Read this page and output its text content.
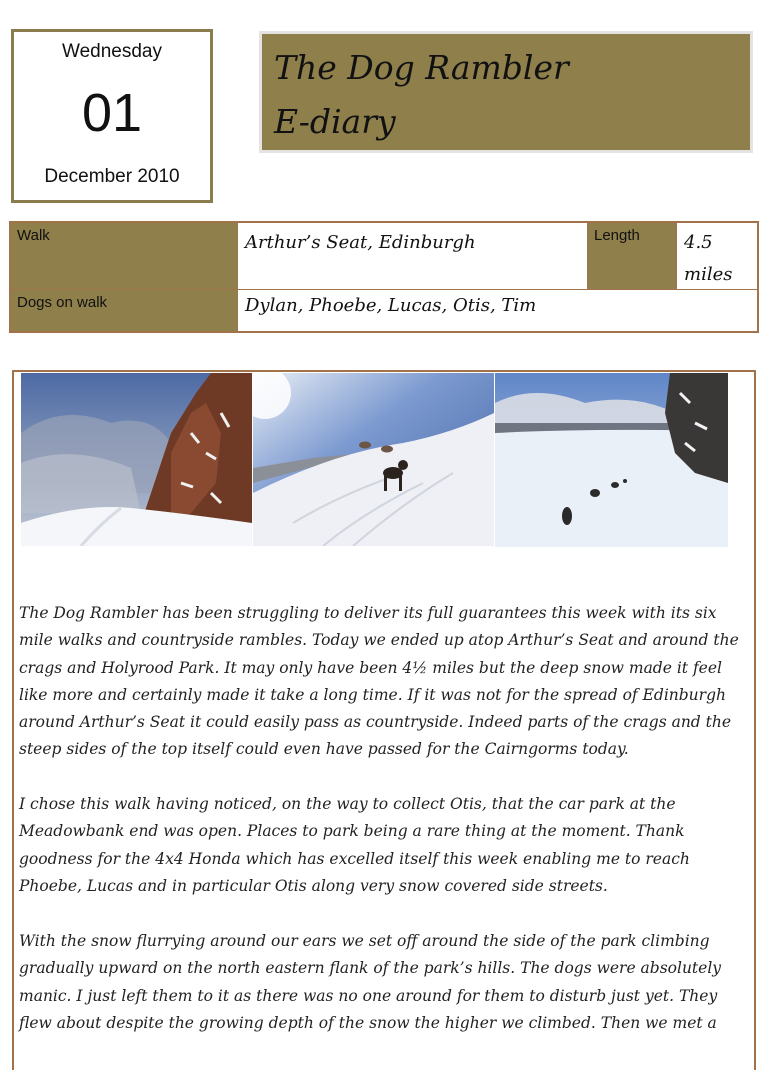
Wednesday
01
December 2010
The Dog Rambler
E-diary
Walk	Arthur’s Seat, Edinburgh	Length	4.5
miles
Dogs on walk	Dylan, Phoebe, Lucas, Otis, Tim
The Dog Rambler has been struggling to deliver its full guarantees this week with its six mile walks and countryside rambles. Today we ended up atop Arthur’s Seat and around the crags and Holyrood Park. It may only have been 4½ miles but the deep snow made it feel like more and certainly made it take a long time. If it was not for the spread of Edinburgh around Arthur’s Seat it could easily pass as countryside. Indeed parts of the crags and the steep sides of the top itself could even have passed for the Cairngorms today.
I chose this walk having noticed, on the way to collect Otis, that the car park at the Meadowbank end was open. Places to park being a rare thing at the moment. Thank goodness for the 4x4 Honda which has excelled itself this week enabling me to reach Phoebe, Lucas and in particular Otis along very snow covered side streets.
With the snow flurrying around our ears we set off around the side of the park climbing gradually upward on the north eastern flank of the park’s hills. The dogs were absolutely manic. I just left them to it as there was no one around for them to disturb just yet. They flew about despite the growing depth of the snow the higher we climbed. Then we met a
